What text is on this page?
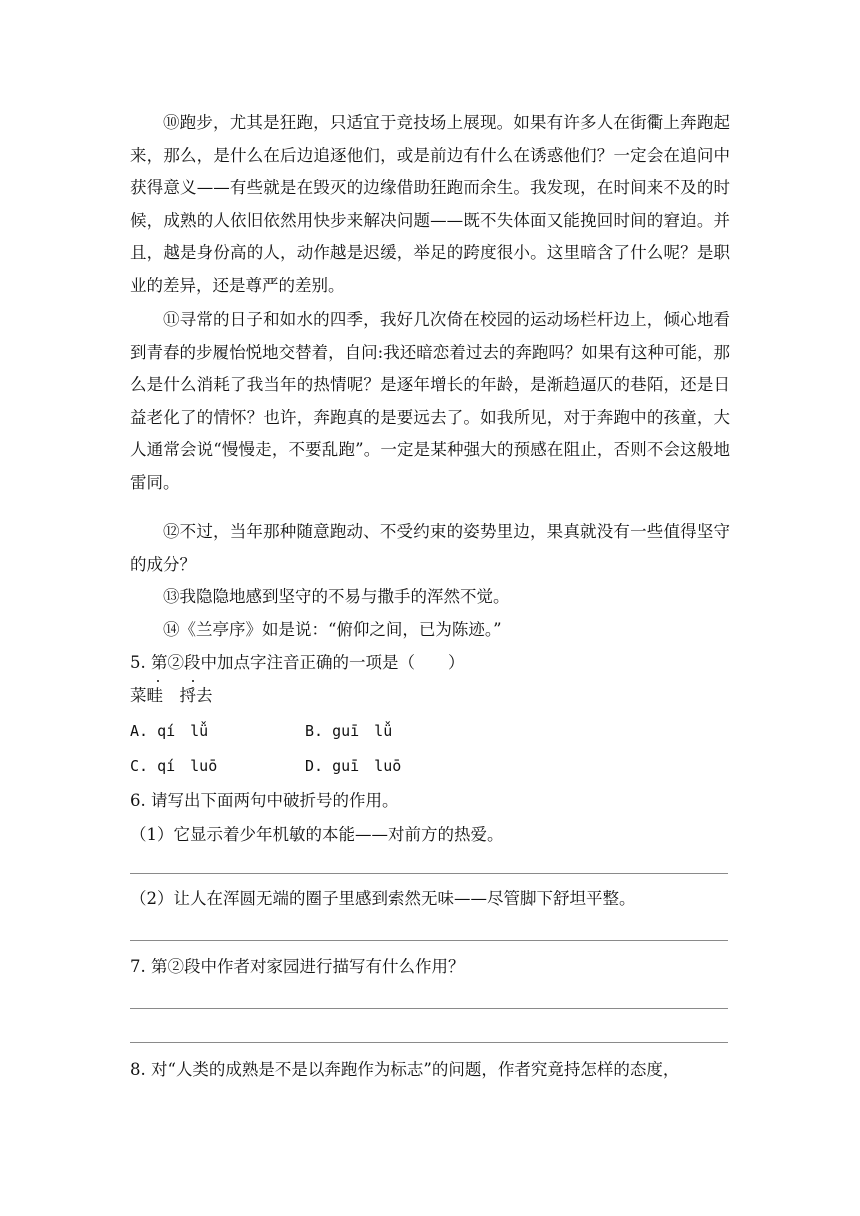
⑩跑步，尤其是狂跑，只适宜于竞技场上展现。如果有许多人在街衢上奔跑起来，那么，是什么在后边追逐他们，或是前边有什么在诱惑他们？一定会在追问中获得意义——有些就是在毁灭的边缘借助狂跑而余生。我发现，在时间来不及的时候，成熟的人依旧依然用快步来解决问题——既不失体面又能挽回时间的窘迫。并且，越是身份高的人，动作越是迟缓，举足的跨度很小。这里暗含了什么呢？是职业的差异，还是尊严的差别。

⑪寻常的日子和如水的四季，我好几次倚在校园的运动场栏杆边上，倾心地看到青春的步履怡悦地交替着，自问:我还暗恋着过去的奔跑吗？如果有这种可能，那么是什么消耗了我当年的热情呢？是逐年增长的年龄，是渐趋逼仄的巷陌，还是日益老化了的情怀？也许，奔跑真的是要远去了。如我所见，对于奔跑中的孩童，大人通常会说“慢慢走，不要乱跑”。一定是某种强大的预感在阻止，否则不会这般地雷同。

⑫不过，当年那种随意跑动、不受约束的姿势里边，果真就没有一些值得坚守的成分？

⑬我隐隐地感到坚守的不易与撒手的浑然不觉。

⑭《兰亭序》如是说：“俯仰之间，已为陈迹。”

5. 第②段中加点字注音正确的一项是（　　）
菜畦　捋去
A. qí　lǚ	B. guī　lǚ
C. qí　luō	D. guī　luō
6. 请写出下面两句中破折号的作用。
（1）它显示着少年机敏的本能——对前方的热爱。
（2）让人在浑圆无端的圈子里感到索然无味——尽管脚下舒坦平整。
7. 第②段中作者对家园进行描写有什么作用？
8. 对“人类的成熟是不是以奔跑作为标志”的问题，作者究竟持怎样的态度，
